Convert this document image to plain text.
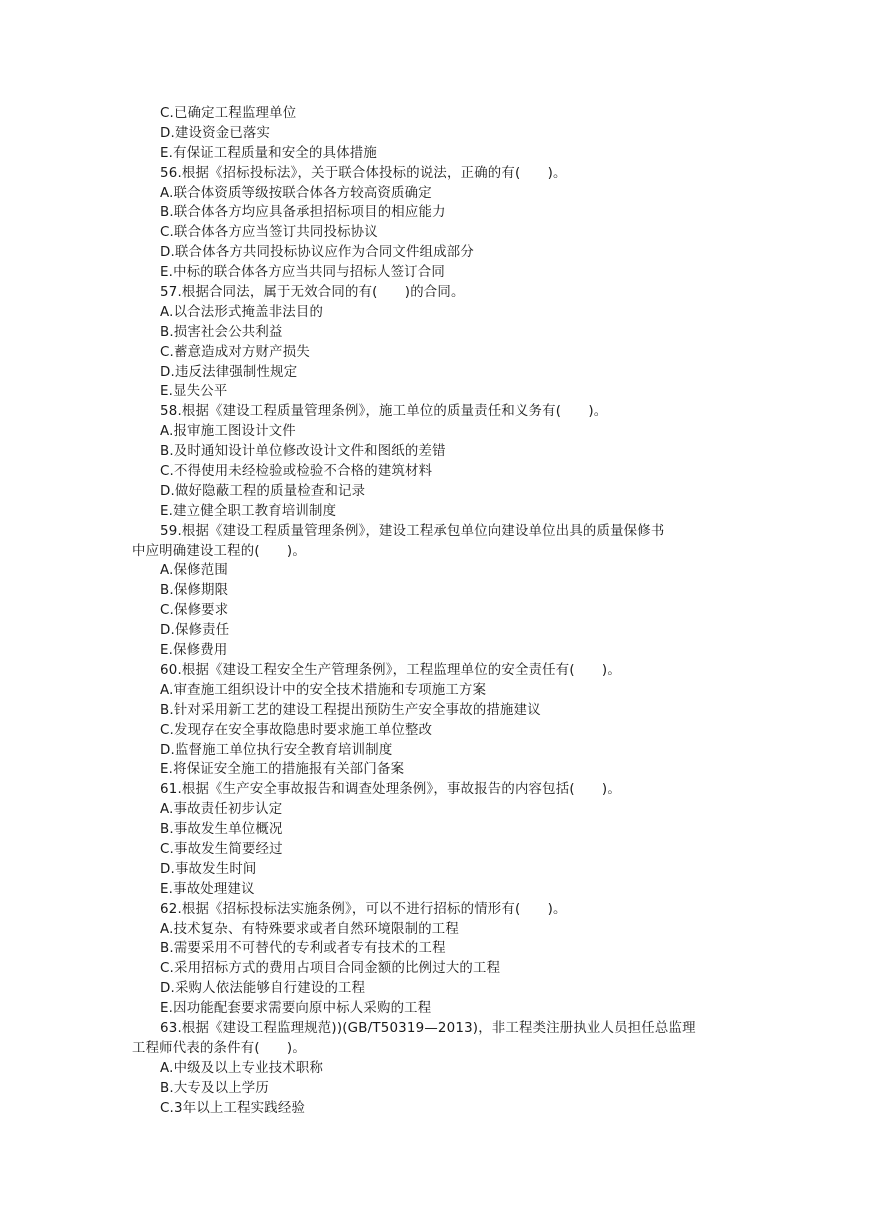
C.已确定工程监理单位
D.建设资金已落实
E.有保证工程质量和安全的具体措施
56.根据《招标投标法》，关于联合体投标的说法，正确的有(　　)。
A.联合体资质等级按联合体各方较高资质确定
B.联合体各方均应具备承担招标项目的相应能力
C.联合体各方应当签订共同投标协议
D.联合体各方共同投标协议应作为合同文件组成部分
E.中标的联合体各方应当共同与招标人签订合同
57.根据合同法，属于无效合同的有(　　)的合同。
A.以合法形式掩盖非法目的
B.损害社会公共利益
C.蓄意造成对方财产损失
D.违反法律强制性规定
E.显失公平
58.根据《建设工程质量管理条例》，施工单位的质量责任和义务有(　　)。
A.报审施工图设计文件
B.及时通知设计单位修改设计文件和图纸的差错
C.不得使用未经检验或检验不合格的建筑材料
D.做好隐蔽工程的质量检查和记录
E.建立健全职工教育培训制度
59.根据《建设工程质量管理条例》，建设工程承包单位向建设单位出具的质量保修书
中应明确建设工程的(　　)。
A.保修范围
B.保修期限
C.保修要求
D.保修责任
E.保修费用
60.根据《建设工程安全生产管理条例》，工程监理单位的安全责任有(　　)。
A.审查施工组织设计中的安全技术措施和专项施工方案
B.针对采用新工艺的建设工程提出预防生产安全事故的措施建议
C.发现存在安全事故隐患时要求施工单位整改
D.监督施工单位执行安全教育培训制度
E.将保证安全施工的措施报有关部门备案
61.根据《生产安全事故报告和调查处理条例》，事故报告的内容包括(　　)。
A.事故责任初步认定
B.事故发生单位概况
C.事故发生简要经过
D.事故发生时间
E.事故处理建议
62.根据《招标投标法实施条例》，可以不进行招标的情形有(　　)。
A.技术复杂、有特殊要求或者自然环境限制的工程
B.需要采用不可替代的专利或者专有技术的工程
C.采用招标方式的费用占项目合同金额的比例过大的工程
D.采购人依法能够自行建设的工程
E.因功能配套要求需要向原中标人采购的工程
63.根据《建设工程监理规范))(GB/T50319—2013)，非工程类注册执业人员担任总监理
工程师代表的条件有(　　)。
A.中级及以上专业技术职称
B.大专及以上学历
C.3年以上工程实践经验
